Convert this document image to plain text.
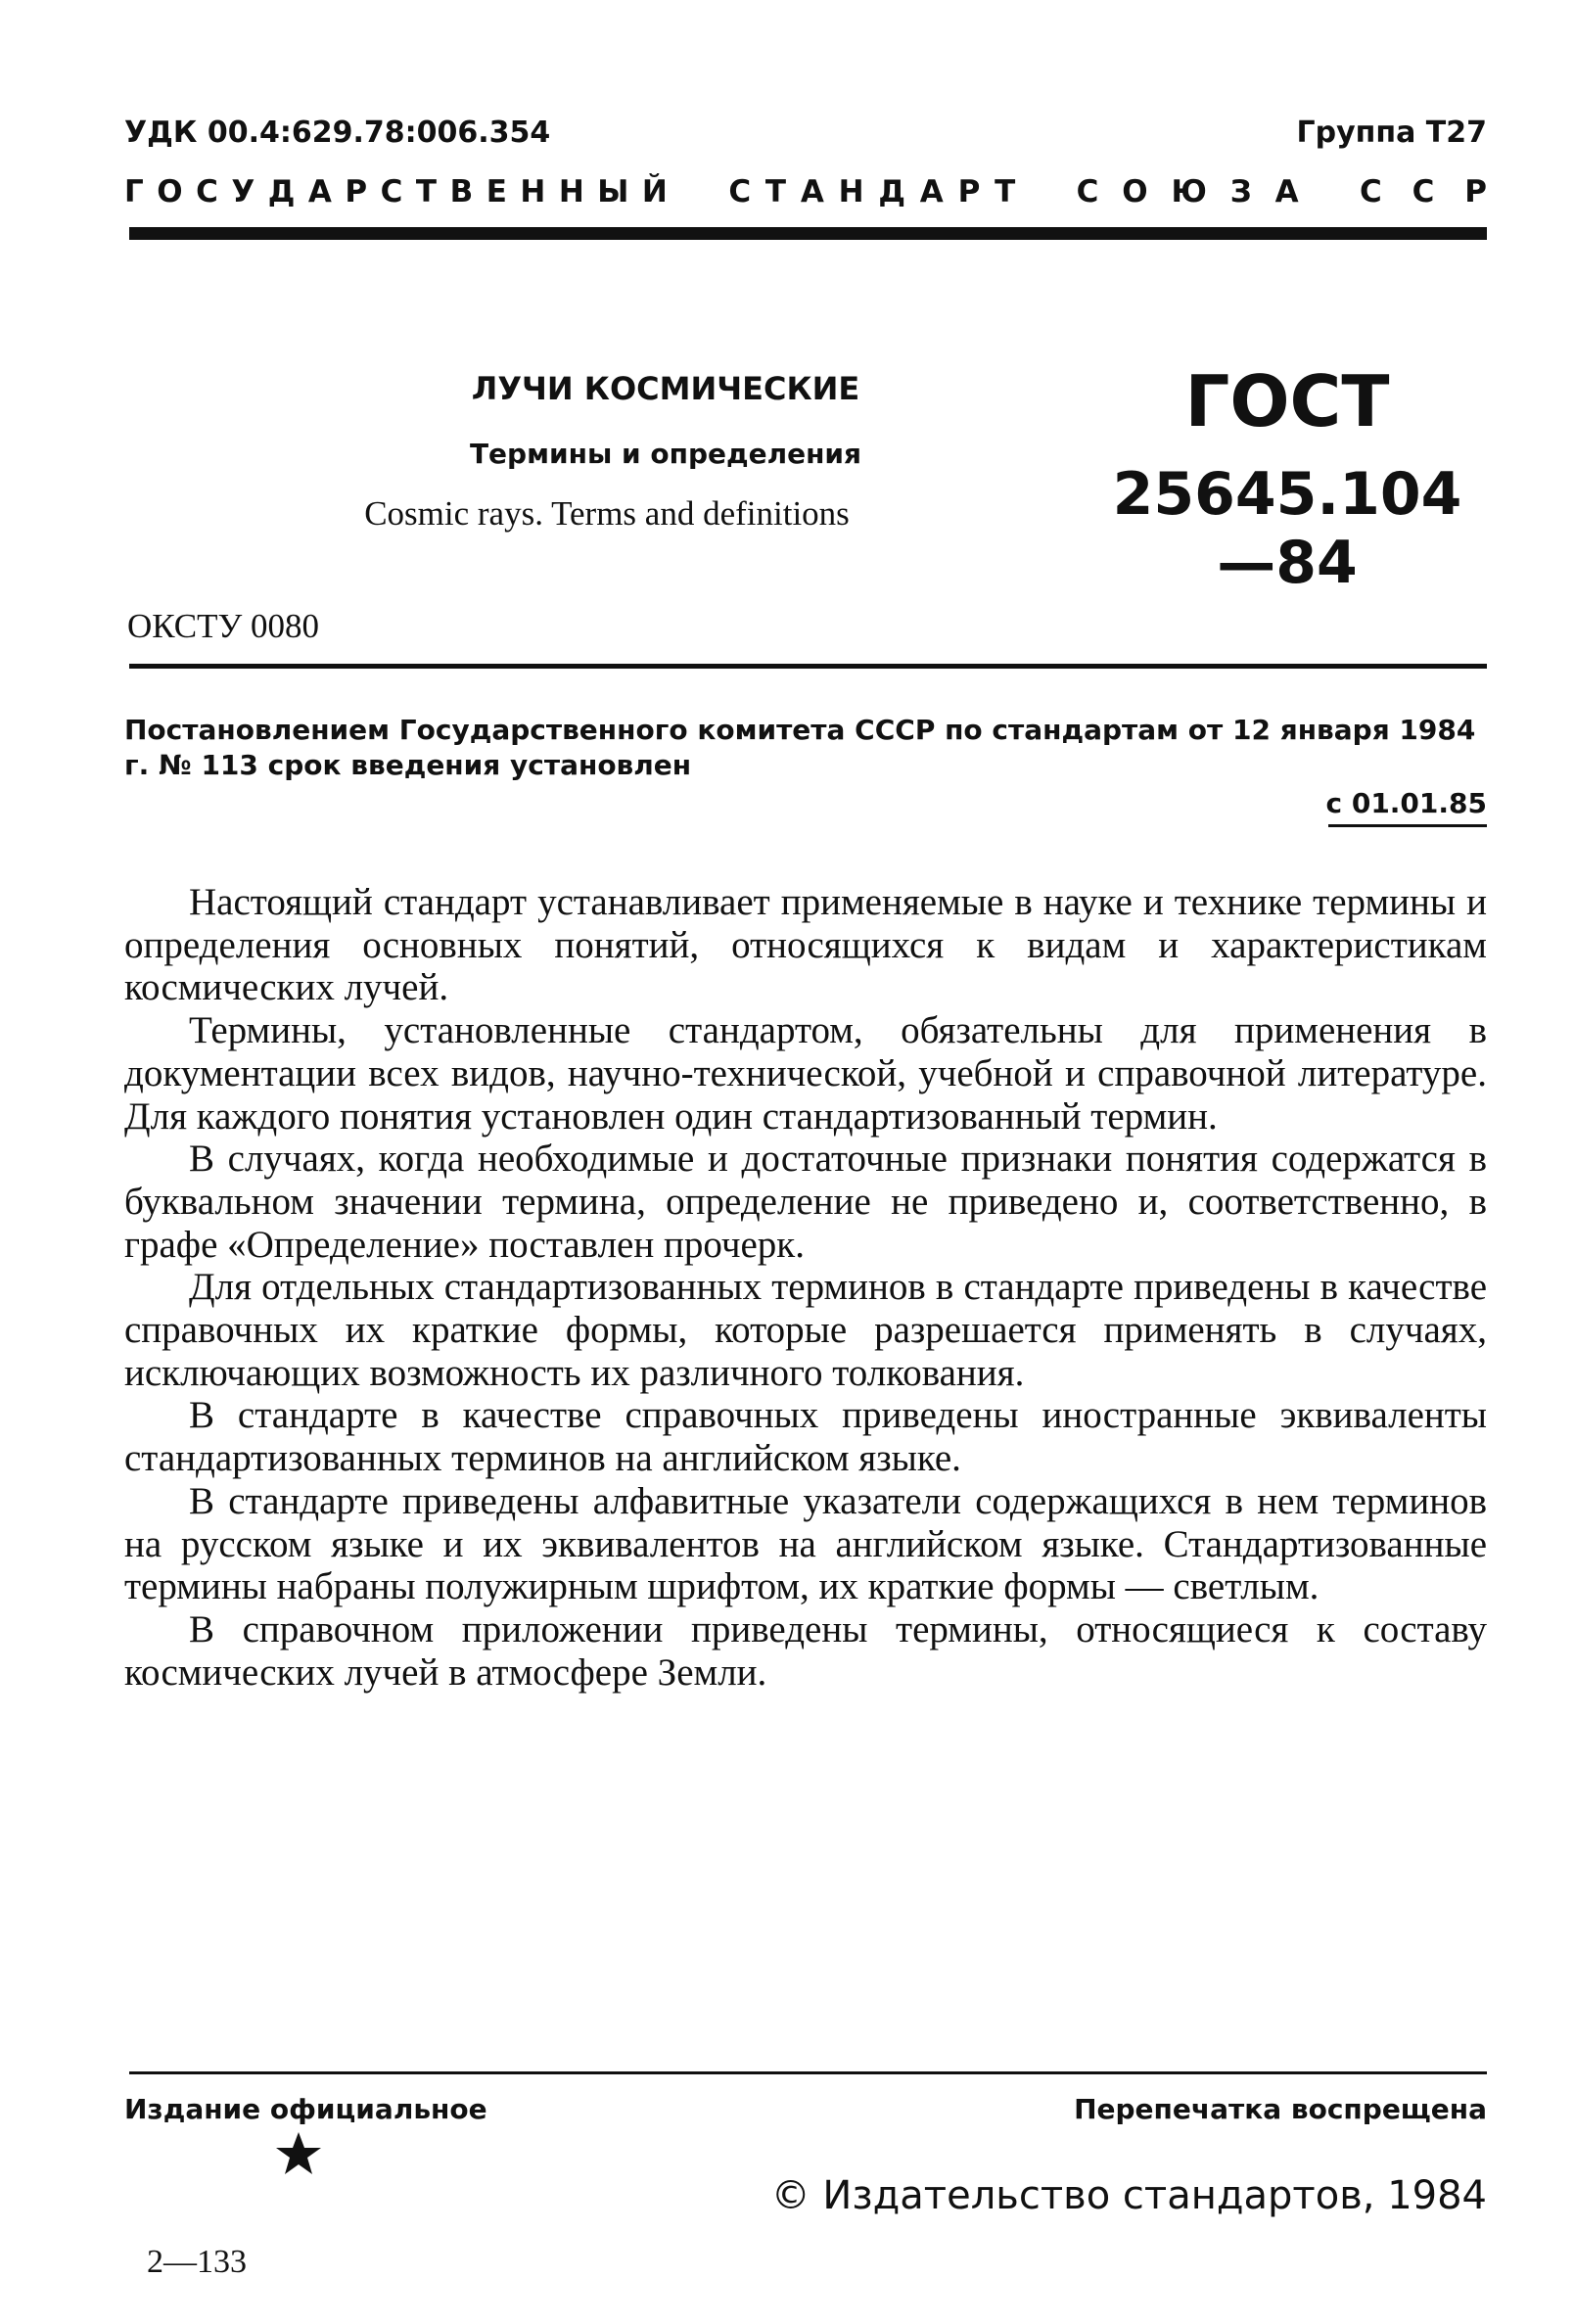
УДК 00.4:629.78:006.354	Группа Т27
Г О С У Д А Р С Т В Е Н Н Ы Й С Т А Н Д А Р Т С О Ю З А С С Р
ЛУЧИ КОСМИЧЕСКИЕ
Термины и определения
Cosmic rays. Terms and definitions
ГОСТ
25645.104—84
ОКСТУ 0080
Постановлением Государственного комитета СССР по стандартам от 12 января 1984 г. № 113 срок введения установлен
с 01.01.85

Настоящий стандарт устанавливает применяемые в науке и технике термины и определения основных понятий, относящихся к видам и характеристикам космических лучей.

Термины, установленные стандартом, обязательны для применения в документации всех видов, научно-технической, учебной и справочной литературе. Для каждого понятия установлен один стандартизованный термин.

В случаях, когда необходимые и достаточные признаки понятия содержатся в буквальном значении термина, определение не приведено и, соответственно, в графе «Определение» поставлен прочерк.

Для отдельных стандартизованных терминов в стандарте приведены в качестве справочных их краткие формы, которые разрешается применять в случаях, исключающих возможность их различного толкования.

В стандарте в качестве справочных приведены иностранные эквиваленты стандартизованных терминов на английском языке.

В стандарте приведены алфавитные указатели содержащихся в нем терминов на русском языке и их эквивалентов на английском языке. Стандартизованные термины набраны полужирным шрифтом, их краткие формы — светлым.

В справочном приложении приведены термины, относящиеся к составу космических лучей в атмосфере Земли.

Издание официальное	Перепечатка воспрещена
© Издательство стандартов, 1984
2—133
